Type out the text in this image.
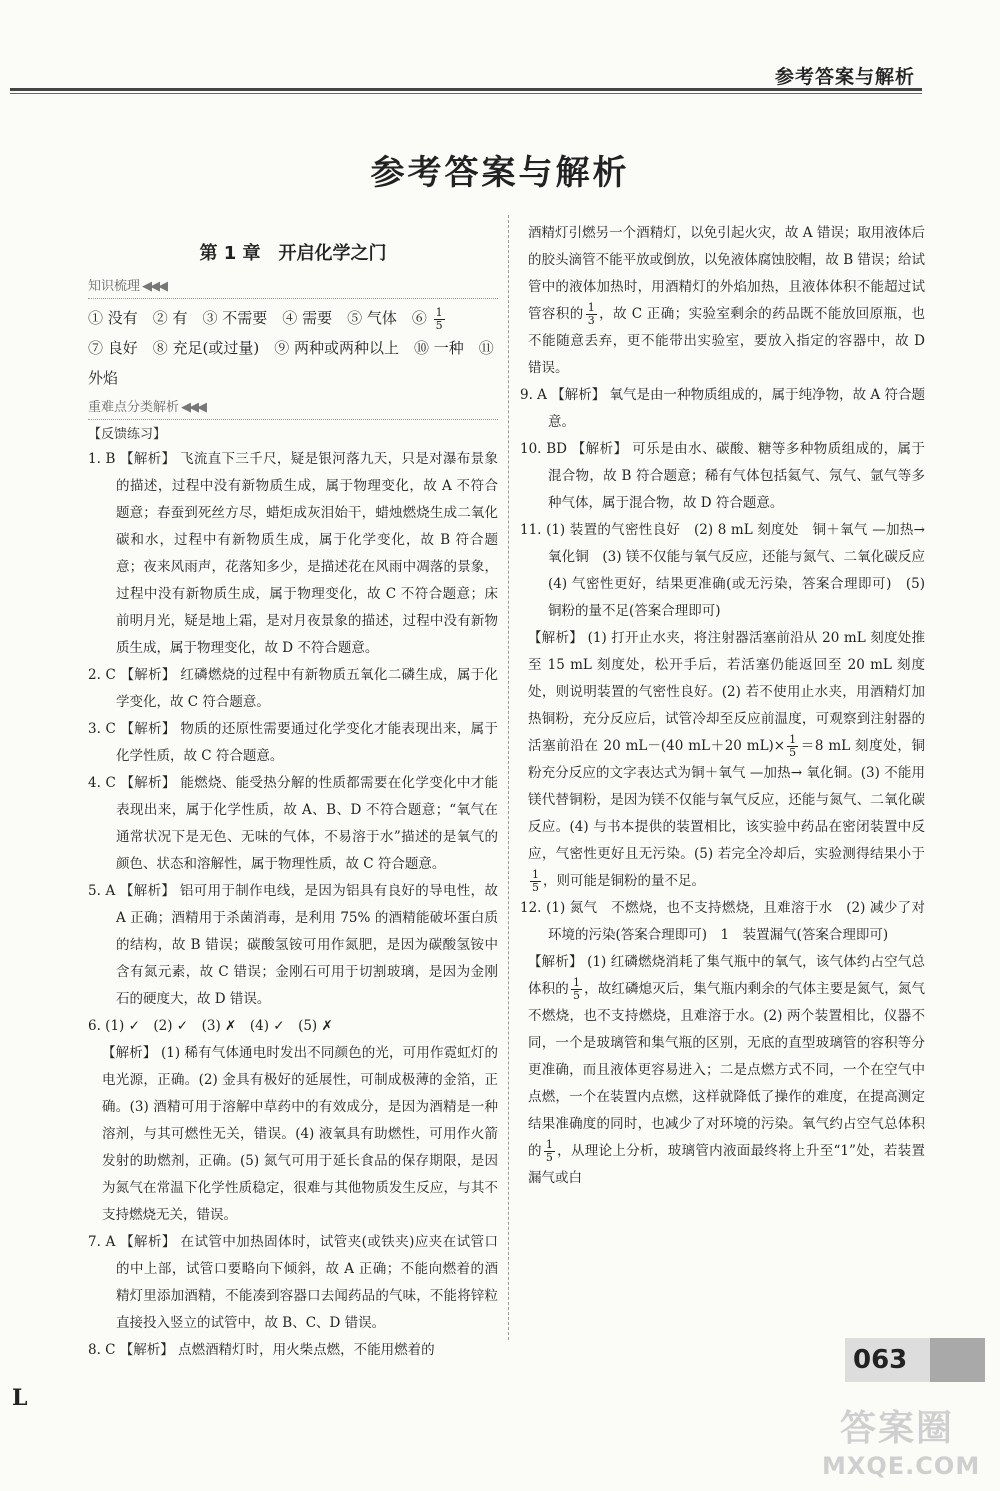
参考答案与解析
参考答案与解析
第 1 章　开启化学之门
知识梳理 ◀◀◀
① 没有　② 有　③ 不需要　④ 需要　⑤ 气体　⑥ $\frac{1}{5}$

⑦ 良好　⑧ 充足(或过量)　⑨ 两种或两种以上　⑩ 一种　⑪ 外焰
重难点分类解析 ◀◀◀
【反馈练习】

1. B 【解析】 飞流直下三千尺，疑是银河落九天，只是对瀑布景象的描述，过程中没有新物质生成，属于物理变化，故 A 不符合题意；春蚕到死丝方尽，蜡炬成灰泪始干，蜡烛燃烧生成二氧化碳和水，过程中有新物质生成，属于化学变化，故 B 符合题意；夜来风雨声，花落知多少，是描述花在风雨中凋落的景象，过程中没有新物质生成，属于物理变化，故 C 不符合题意；床前明月光，疑是地上霜，是对月夜景象的描述，过程中没有新物质生成，属于物理变化，故 D 不符合题意。

2. C 【解析】 红磷燃烧的过程中有新物质五氧化二磷生成，属于化学变化，故 C 符合题意。

3. C 【解析】 物质的还原性需要通过化学变化才能表现出来，属于化学性质，故 C 符合题意。

4. C 【解析】 能燃烧、能受热分解的性质都需要在化学变化中才能表现出来，属于化学性质，故 A、B、D 不符合题意；“氧气在通常状况下是无色、无味的气体，不易溶于水”描述的是氧气的颜色、状态和溶解性，属于物理性质，故 C 符合题意。

5. A 【解析】 铝可用于制作电线，是因为铝具有良好的导电性，故 A 正确；酒精用于杀菌消毒，是利用 75% 的酒精能破坏蛋白质的结构，故 B 错误；碳酸氢铵可用作氮肥，是因为碳酸氢铵中含有氮元素，故 C 错误；金刚石可用于切割玻璃，是因为金刚石的硬度大，故 D 错误。

6. (1) ✓　(2) ✓　(3) ✗　(4) ✓　(5) ✗

【解析】 (1) 稀有气体通电时发出不同颜色的光，可用作霓虹灯的电光源，正确。(2) 金具有极好的延展性，可制成极薄的金箔，正确。(3) 酒精可用于溶解中草药中的有效成分，是因为酒精是一种溶剂，与其可燃性无关，错误。(4) 液氧具有助燃性，可用作火箭发射的助燃剂，正确。(5) 氮气可用于延长食品的保存期限，是因为氮气在常温下化学性质稳定，很难与其他物质发生反应，与其不支持燃烧无关，错误。

7. A 【解析】 在试管中加热固体时，试管夹(或铁夹)应夹在试管口的中上部，试管口要略向下倾斜，故 A 正确；不能向燃着的酒精灯里添加酒精，不能凑到容器口去闻药品的气味，不能将锌粒直接投入竖立的试管中，故 B、C、D 错误。

8. C 【解析】 点燃酒精灯时，用火柴点燃，不能用燃着的

酒精灯引燃另一个酒精灯，以免引起火灾，故 A 错误；取用液体后的胶头滴管不能平放或倒放，以免液体腐蚀胶帽，故 B 错误；给试管中的液体加热时，用酒精灯的外焰加热，且液体体积不能超过试管容积的 $\frac{1}{3}$ ，故 C 正确；实验室剩余的药品既不能放回原瓶，也不能随意丢弃，更不能带出实验室，要放入指定的容器中，故 D 错误。

9. A 【解析】 氧气是由一种物质组成的，属于纯净物，故 A 符合题意。

10. BD 【解析】 可乐是由水、碳酸、糖等多种物质组成的，属于混合物，故 B 符合题意；稀有气体包括氦气、氖气、氩气等多种气体，属于混合物，故 D 符合题意。

11. (1) 装置的气密性良好　(2) 8 mL 刻度处　铜＋氧气 —加热→ 氧化铜　(3) 镁不仅能与氧气反应，还能与氮气、二氧化碳反应　(4) 气密性更好，结果更准确(或无污染，答案合理即可)　(5) 铜粉的量不足(答案合理即可)

【解析】 (1) 打开止水夹，将注射器活塞前沿从 20 mL 刻度处推至 15 mL 刻度处，松开手后，若活塞仍能返回至 20 mL 刻度处，则说明装置的气密性良好。(2) 若不使用止水夹，用酒精灯加热铜粉，充分反应后，试管冷却至反应前温度，可观察到注射器的活塞前沿在 20 mL－(40 mL＋20 $mL)\times \frac{1}{5} =8$ mL 刻度处，铜粉充分反应的文字表达式为铜＋氧气 —加热→ 氧化铜。(3) 不能用镁代替铜粉，是因为镁不仅能与氧气反应，还能与氮气、二氧化碳反应。(4) 与书本提供的装置相比，该实验中药品在密闭装置中反应，气密性更好且无污染。(5) 若完全冷却后，实验测得结果小于
$\frac{1}{5}$ ，则可能是铜粉的量不足。

12. (1) 氮气　不燃烧，也不支持燃烧，且难溶于水　(2) 减少了对环境的污染(答案合理即可)　1　装置漏气(答案合理即可)

【解析】 (1) 红磷燃烧消耗了集气瓶中的氧气，该气体约占空气总体积的 $\frac{1}{5}$ ，故红磷熄灭后，集气瓶内剩余的气体主要是氮气，氮气不燃烧，也不支持燃烧，且难溶于水。(2) 两个装置相比，仪器不同，一个是玻璃管和集气瓶的区别，无底的直型玻璃管的容积等分更准确，而且液体更容易进入；二是点燃方式不同，一个在空气中点燃，一个在装置内点燃，这样就降低了操作的难度，在提高测定结果准确度的同时，也减少了对环境的污染。氧气约占空气总体积的 $\frac{1}{5}$ ，从理论上分析，玻璃管内液面最终将上升至“1”处，若装置漏气或白

063
答案圈
MXQE.COM
L
